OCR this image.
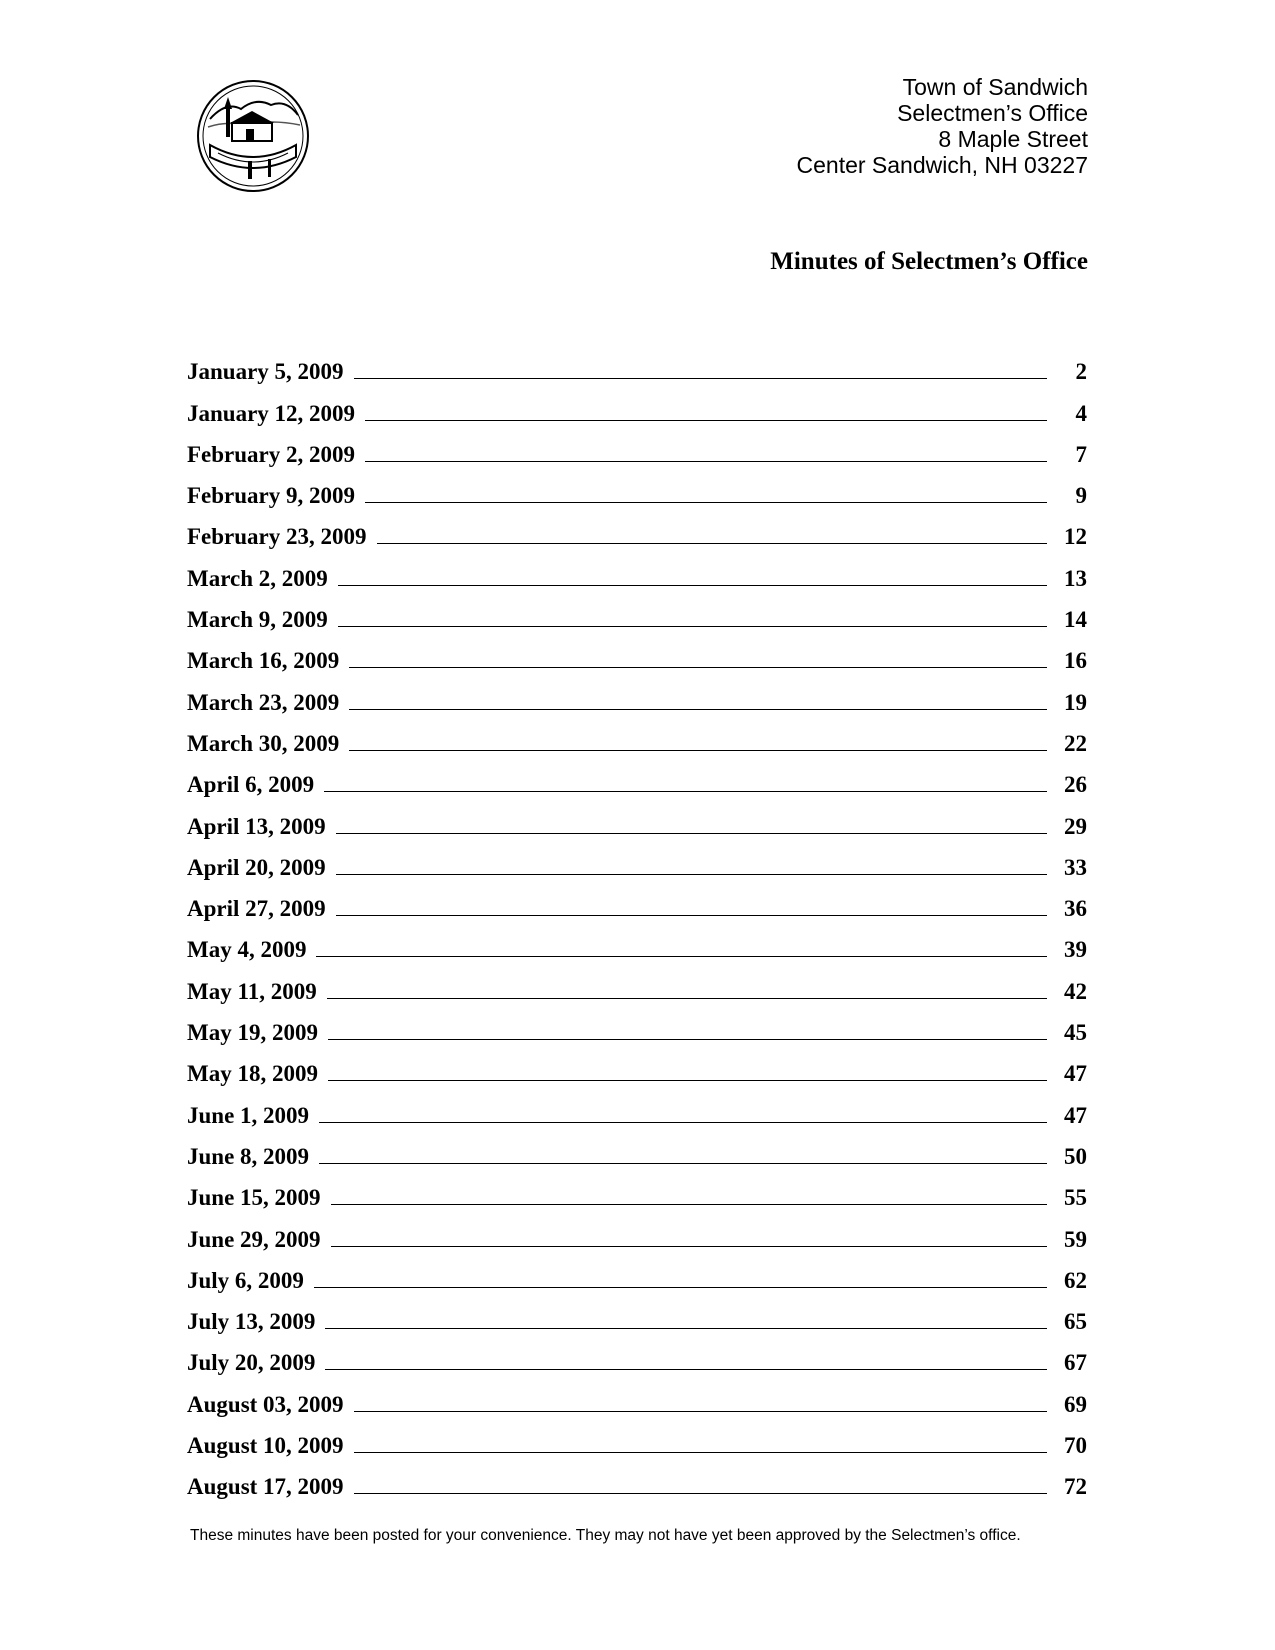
Town of Sandwich
Selectmen’s Office
8 Maple Street
Center Sandwich, NH 03227
Minutes of Selectmen’s Office
January 5, 2009	2
January 12, 2009	4
February 2, 2009	7
February 9, 2009	9
February 23, 2009	12
March 2, 2009	13
March 9, 2009	14
March 16, 2009	16
March 23, 2009	19
March 30, 2009	22
April 6, 2009	26
April 13, 2009	29
April 20, 2009	33
April 27, 2009	36
May 4, 2009	39
May 11, 2009	42
May 19, 2009	45
May 18, 2009	47
June 1, 2009	47
June 8, 2009	50
June 15, 2009	55
June 29, 2009	59
July 6, 2009	62
July 13, 2009	65
July 20, 2009	67
August 03, 2009	69
August 10, 2009	70
August 17, 2009	72
These minutes have been posted for your convenience. They may not have yet been approved by the Selectmen’s office.
